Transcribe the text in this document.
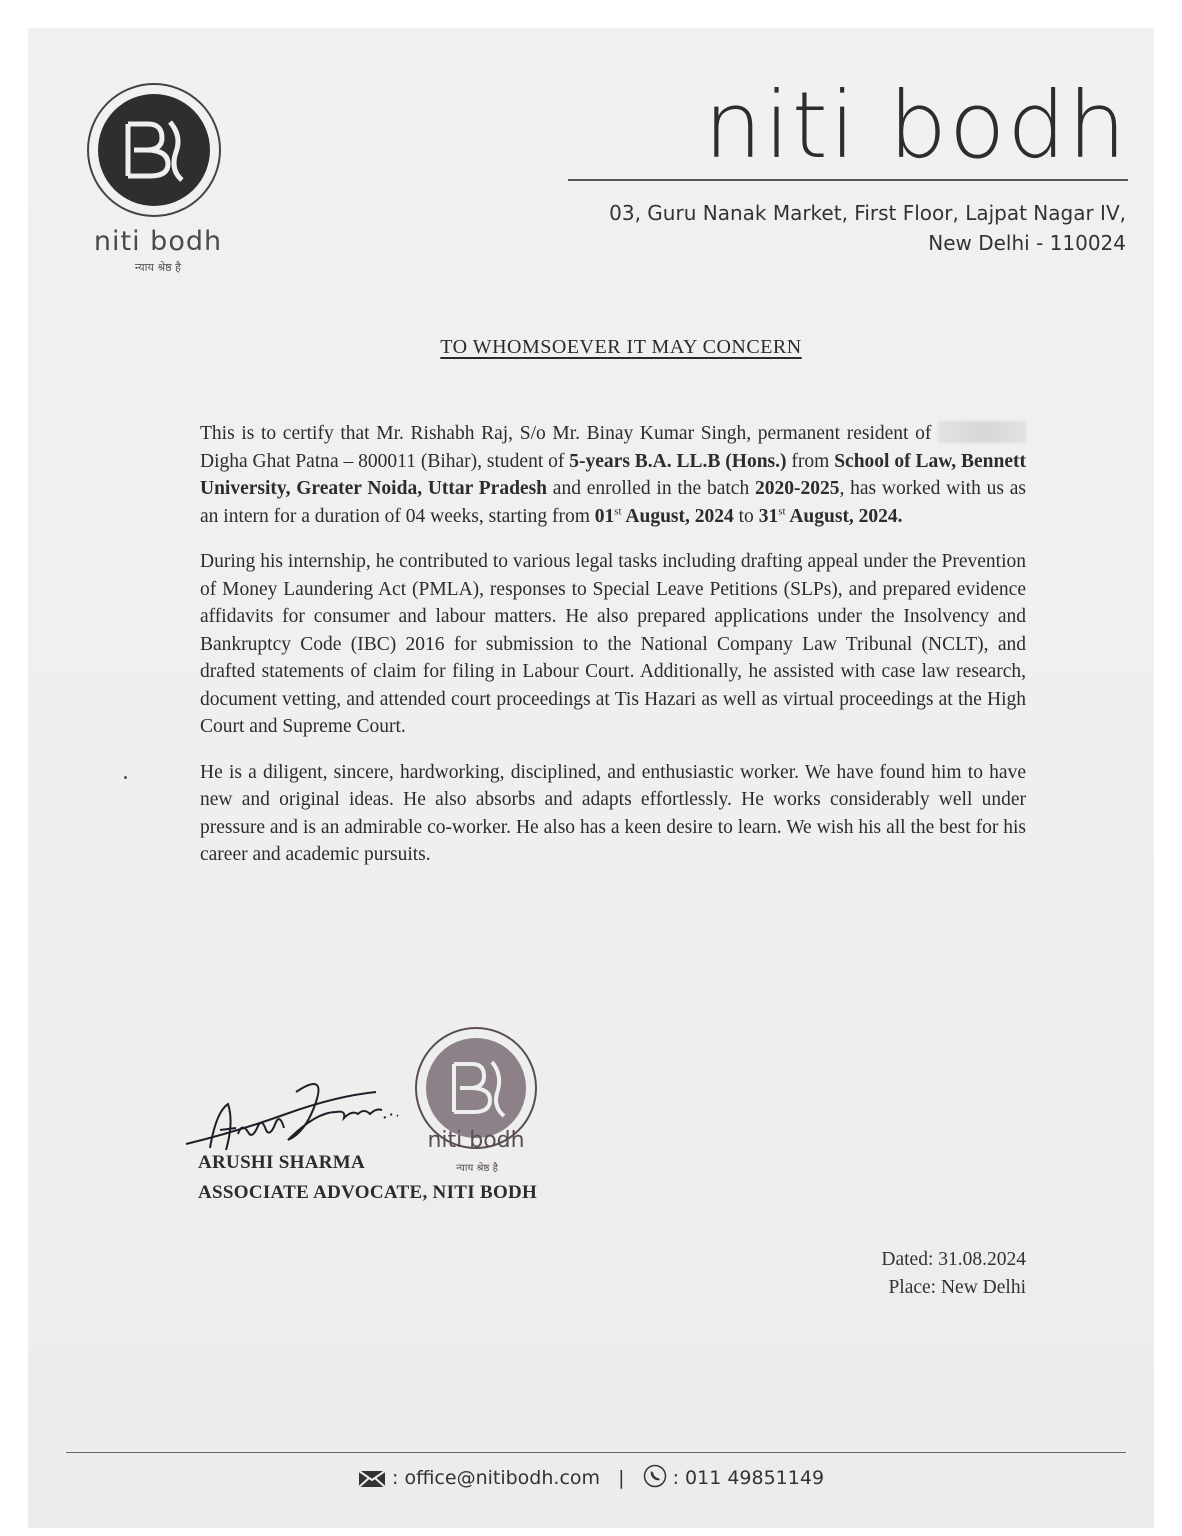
niti bodh
न्याय श्रेष्ठ है
niti bodh
03, Guru Nanak Market, First Floor, Lajpat Nagar IV,
New Delhi - 110024
TO WHOMSOEVER IT MAY CONCERN

This is to certify that Mr. Rishabh Raj, S/o Mr. Binay Kumar Singh, permanent resident of  Digha Ghat Patna – 800011 (Bihar), student of 5-years B.A. LL.B (Hons.) from School of Law, Bennett University, Greater Noida, Uttar Pradesh and enrolled in the batch 2020-2025, has worked with us as an intern for a duration of 04 weeks, starting from 01st August, 2024 to 31st August, 2024.

During his internship, he contributed to various legal tasks including drafting appeal under the Prevention of Money Laundering Act (PMLA), responses to Special Leave Petitions (SLPs), and prepared evidence affidavits for consumer and labour matters. He also prepared applications under the Insolvency and Bankruptcy Code (IBC) 2016 for submission to the National Company Law Tribunal (NCLT), and drafted statements of claim for filing in Labour Court. Additionally, he assisted with case law research, document vetting, and attended court proceedings at Tis Hazari as well as virtual proceedings at the High Court and Supreme Court.

He is a diligent, sincere, hardworking, disciplined, and enthusiastic worker. We have found him to have new and original ideas. He also absorbs and adapts effortlessly. He works considerably well under pressure and is an admirable co-worker. He also has a keen desire to learn. We wish his all the best for his career and academic pursuits.

niti bodh
न्याय श्रेष्ठ है
ARUSHI SHARMA
ASSOCIATE ADVOCATE, NITI BODH
Dated: 31.08.2024
Place: New Delhi
: office@nitibodh.com |	: 011 49851149
